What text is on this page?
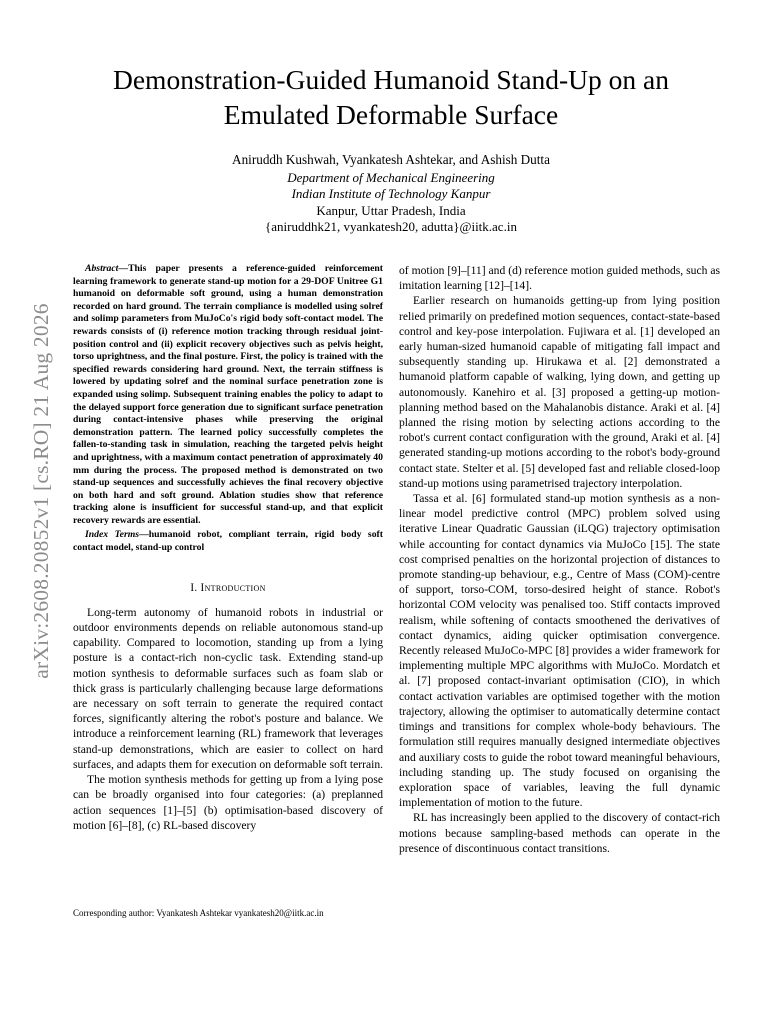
Demonstration-Guided Humanoid Stand-Up on an Emulated Deformable Surface
Aniruddh Kushwah, Vyankatesh Ashtekar, and Ashish Dutta
Department of Mechanical Engineering
Indian Institute of Technology Kanpur
Kanpur, Uttar Pradesh, India
{aniruddhk21, vyankatesh20, adutta}@iitk.ac.in
arXiv:2608.20852v1 [cs.RO] 21 Aug 2026

Abstract—This paper presents a reference-guided reinforcement learning framework to generate stand-up motion for a 29-DOF Unitree G1 humanoid on deformable soft ground, using a human demonstration recorded on hard ground. The terrain compliance is modelled using solref and solimp parameters from MuJoCo's rigid body soft-contact model. The rewards consists of (i) reference motion tracking through residual joint-position control and (ii) explicit recovery objectives such as pelvis height, torso uprightness, and the final posture. First, the policy is trained with the specified rewards considering hard ground. Next, the terrain stiffness is lowered by updating solref and the nominal surface penetration zone is expanded using solimp. Subsequent training enables the policy to adapt to the delayed support force generation due to significant surface penetration during contact-intensive phases while preserving the original demonstration pattern. The learned policy successfully completes the fallen-to-standing task in simulation, reaching the targeted pelvis height and uprightness, with a maximum contact penetration of approximately 40 mm during the process. The proposed method is demonstrated on two stand-up sequences and successfully achieves the final recovery objective on both hard and soft ground. Ablation studies show that reference tracking alone is insufficient for successful stand-up, and that explicit recovery rewards are essential.

Index Terms—humanoid robot, compliant terrain, rigid body soft contact model, stand-up control

I. Introduction

Long-term autonomy of humanoid robots in industrial or outdoor environments depends on reliable autonomous stand-up capability. Compared to locomotion, standing up from a lying posture is a contact-rich non-cyclic task. Extending stand-up motion synthesis to deformable surfaces such as foam slab or thick grass is particularly challenging because large deformations are necessary on soft terrain to generate the required contact forces, significantly altering the robot's posture and balance. We introduce a reinforcement learning (RL) framework that leverages stand-up demonstrations, which are easier to collect on hard surfaces, and adapts them for execution on deformable soft terrain.

The motion synthesis methods for getting up from a lying pose can be broadly organised into four categories: (a) preplanned action sequences [1]–[5] (b) optimisation-based discovery of motion [6]–[8], (c) RL-based discovery

of motion [9]–[11] and (d) reference motion guided methods, such as imitation learning [12]–[14].

Earlier research on humanoids getting-up from lying position relied primarily on predefined motion sequences, contact-state-based control and key-pose interpolation. Fujiwara et al. [1] developed an early human-sized humanoid capable of mitigating fall impact and subsequently standing up. Hirukawa et al. [2] demonstrated a humanoid platform capable of walking, lying down, and getting up autonomously. Kanehiro et al. [3] proposed a getting-up motion-planning method based on the Mahalanobis distance. Araki et al. [4] planned the rising motion by selecting actions according to the robot's current contact configuration with the ground, Araki et al. [4] generated standing-up motions according to the robot's body-ground contact state. Stelter et al. [5] developed fast and reliable closed-loop stand-up motions using parametrised trajectory interpolation.

Tassa et al. [6] formulated stand-up motion synthesis as a non-linear model predictive control (MPC) problem solved using iterative Linear Quadratic Gaussian (iLQG) trajectory optimisation while accounting for contact dynamics via MuJoCo [15]. The state cost comprised penalties on the horizontal projection of distances to promote standing-up behaviour, e.g., Centre of Mass (COM)-centre of support, torso-COM, torso-desired height of stance. Robot's horizontal COM velocity was penalised too. Stiff contacts improved realism, while softening of contacts smoothened the derivatives of contact dynamics, aiding quicker optimisation convergence. Recently released MuJoCo-MPC [8] provides a wider framework for implementing multiple MPC algorithms with MuJoCo. Mordatch et al. [7] proposed contact-invariant optimisation (CIO), in which contact activation variables are optimised together with the motion trajectory, allowing the optimiser to automatically determine contact timings and transitions for complex whole-body behaviours. The formulation still requires manually designed intermediate objectives and auxiliary costs to guide the robot toward meaningful behaviours, including standing up. The study focused on organising the exploration space of variables, leaving the full dynamic implementation of motion to the future.

RL has increasingly been applied to the discovery of contact-rich motions because sampling-based methods can operate in the presence of discontinuous contact transitions.

Corresponding author: Vyankatesh Ashtekar vyankatesh20@iitk.ac.in
